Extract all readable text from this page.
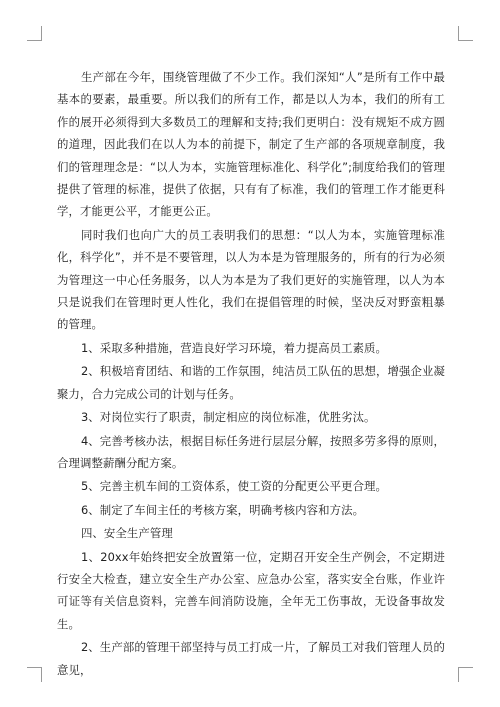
生产部在今年，围绕管理做了不少工作。我们深知“人”是所有工作中最基本的要素，最重要。所以我们的所有工作，都是以人为本，我们的所有工作的展开必须得到大多数员工的理解和支持;我们更明白：没有规矩不成方圆的道理，因此我们在以人为本的前提下，制定了生产部的各项规章制度，我们的管理理念是：“以人为本，实施管理标准化、科学化”;制度给我们的管理提供了管理的标准，提供了依据，只有有了标准，我们的管理工作才能更科学，才能更公平，才能更公正。

同时我们也向广大的员工表明我们的思想：“以人为本，实施管理标准化，科学化”，并不是不要管理，以人为本是为管理服务的，所有的行为必须为管理这一中心任务服务，以人为本是为了我们更好的实施管理，以人为本只是说我们在管理时更人性化，我们在提倡管理的时候，坚决反对野蛮粗暴的管理。

1、采取多种措施，营造良好学习环境，着力提高员工素质。

2、积极培育团结、和谐的工作氛围，纯洁员工队伍的思想，增强企业凝聚力，合力完成公司的计划与任务。

3、对岗位实行了职责，制定相应的岗位标准，优胜劣汰。

4、完善考核办法，根据目标任务进行层层分解，按照多劳多得的原则，合理调整薪酬分配方案。

5、完善主机车间的工资体系，使工资的分配更公平更合理。

6、制定了车间主任的考核方案，明确考核内容和方法。

四、安全生产管理

1、20xx年始终把安全放置第一位，定期召开安全生产例会，不定期进行安全大检查，建立安全生产办公室、应急办公室，落实安全台账，作业许可证等有关信息资料，完善车间消防设施，全年无工伤事故，无设备事故发生。

2、生产部的管理干部坚持与员工打成一片，了解员工对我们管理人员的意见，
